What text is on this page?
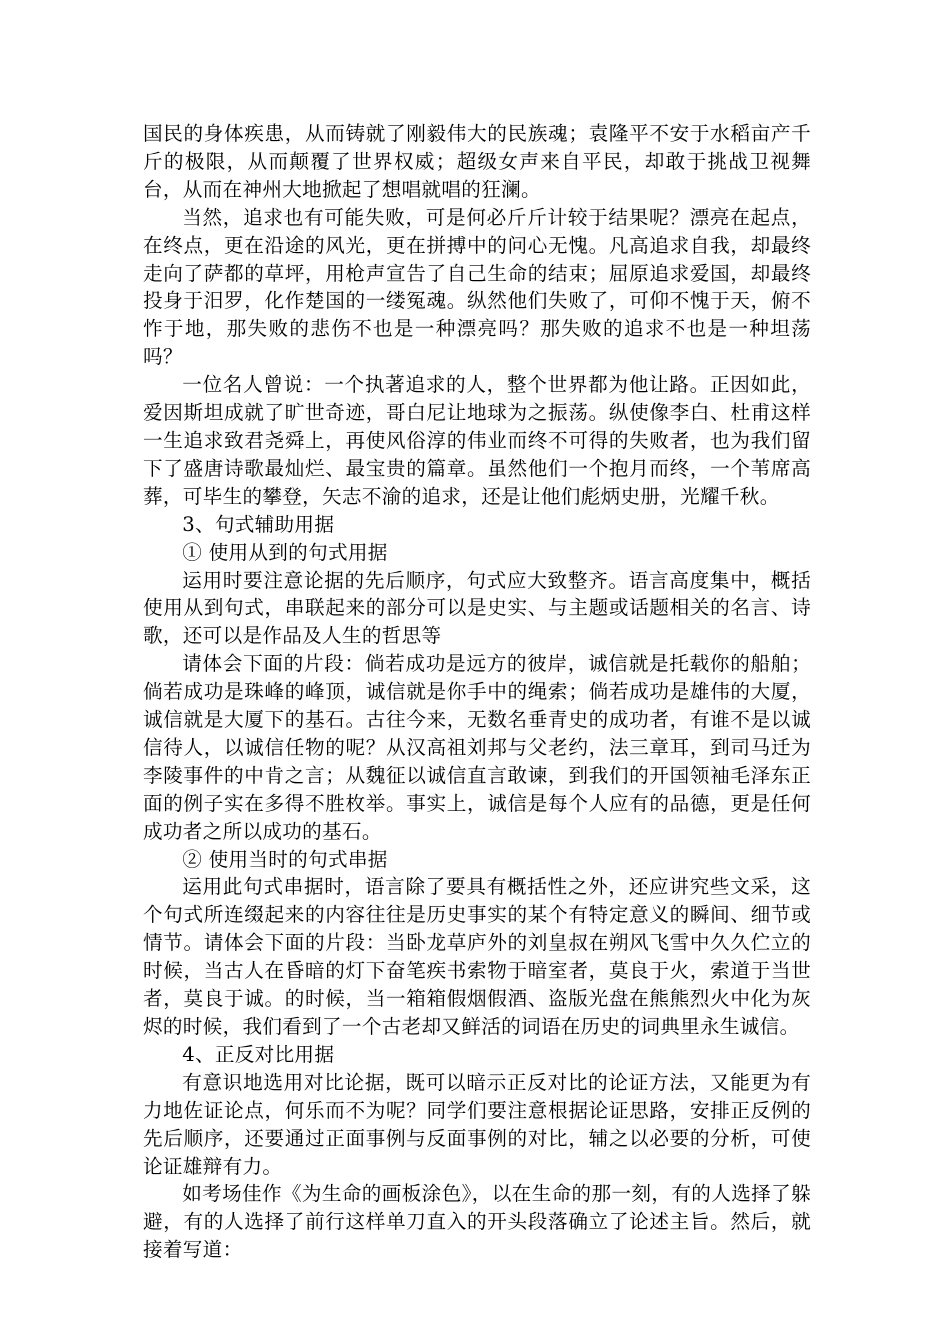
国民的身体疾患，从而铸就了刚毅伟大的民族魂；袁隆平不安于水稻亩产千斤的极限，从而颠覆了世界权威；超级女声来自平民，却敢于挑战卫视舞台，从而在神州大地掀起了想唱就唱的狂澜。

当然，追求也有可能失败，可是何必斤斤计较于结果呢？漂亮在起点，在终点，更在沿途的风光，更在拼搏中的问心无愧。凡高追求自我，却最终走向了萨都的草坪，用枪声宣告了自己生命的结束；屈原追求爱国，却最终投身于汨罗，化作楚国的一缕冤魂。纵然他们失败了，可仰不愧于天，俯不怍于地，那失败的悲伤不也是一种漂亮吗？那失败的追求不也是一种坦荡吗？

一位名人曾说：一个执著追求的人，整个世界都为他让路。正因如此，爱因斯坦成就了旷世奇迹，哥白尼让地球为之振荡。纵使像李白、杜甫这样一生追求致君尧舜上，再使风俗淳的伟业而终不可得的失败者，也为我们留下了盛唐诗歌最灿烂、最宝贵的篇章。虽然他们一个抱月而终，一个苇席高葬，可毕生的攀登，矢志不渝的追求，还是让他们彪炳史册，光耀千秋。

3、句式辅助用据

① 使用从到的句式用据

运用时要注意论据的先后顺序，句式应大致整齐。语言高度集中，概括使用从到句式，串联起来的部分可以是史实、与主题或话题相关的名言、诗歌，还可以是作品及人生的哲思等

请体会下面的片段：倘若成功是远方的彼岸，诚信就是托载你的船舶；倘若成功是珠峰的峰顶，诚信就是你手中的绳索；倘若成功是雄伟的大厦，诚信就是大厦下的基石。古往今来，无数名垂青史的成功者，有谁不是以诚信待人，以诚信任物的呢？从汉高祖刘邦与父老约，法三章耳，到司马迁为李陵事件的中肯之言；从魏征以诚信直言敢谏，到我们的开国领袖毛泽东正面的例子实在多得不胜枚举。事实上，诚信是每个人应有的品德，更是任何成功者之所以成功的基石。

② 使用当时的句式串据

运用此句式串据时，语言除了要具有概括性之外，还应讲究些文采，这个句式所连缀起来的内容往往是历史事实的某个有特定意义的瞬间、细节或情节。请体会下面的片段：当卧龙草庐外的刘皇叔在朔风飞雪中久久伫立的时候，当古人在昏暗的灯下奋笔疾书索物于暗室者，莫良于火，索道于当世者，莫良于诚。的时候，当一箱箱假烟假酒、盗版光盘在熊熊烈火中化为灰烬的时候，我们看到了一个古老却又鲜活的词语在历史的词典里永生诚信。

4、正反对比用据

有意识地选用对比论据，既可以暗示正反对比的论证方法，又能更为有力地佐证论点，何乐而不为呢？同学们要注意根据论证思路，安排正反例的先后顺序，还要通过正面事例与反面事例的对比，辅之以必要的分析，可使论证雄辩有力。

如考场佳作《为生命的画板涂色》，以在生命的那一刻，有的人选择了躲避，有的人选择了前行这样单刀直入的开头段落确立了论述主旨。然后，就接着写道：
